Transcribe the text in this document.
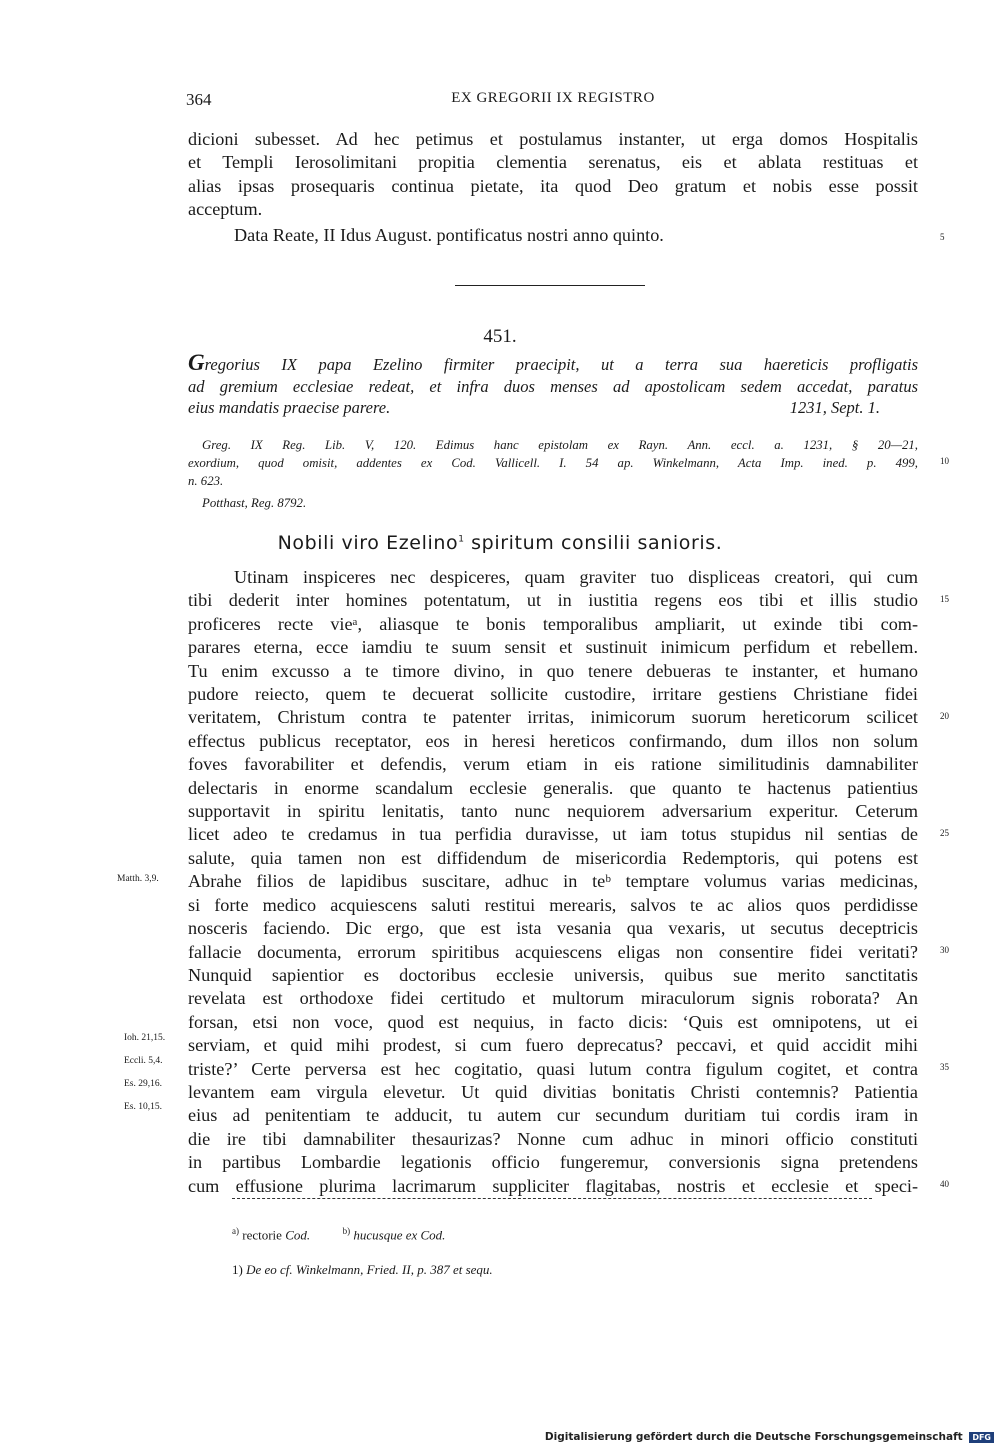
364	EX GREGORII IX REGISTRO
dicioni subesset. Ad hec petimus et postulamus instanter, ut erga domos Hospitalis
et Templi Ierosolimitani propitia clementia serenatus, eis et ablata restituas et
alias ipsas prosequaris continua pietate, ita quod Deo gratum et nobis esse possit
acceptum.
Data Reate, II Idus August. pontificatus nostri anno quinto.	5
451.
Gregorius IX papa Ezelino firmiter praecipit, ut a terra sua haereticis profligatis
ad gremium ecclesiae redeat, et infra duos menses ad apostolicam sedem accedat, paratus
eius mandatis praecise parere.	1231, Sept. 1.
Greg. IX Reg. Lib. V, 120. Edimus hanc epistolam ex Rayn. Ann. eccl. a. 1231, § 20—21,
exordium, quod omisit, addentes ex Cod. Vallicell. I. 54 ap. Winkelmann, Acta Imp. ined. p. 499,
n. 623.
Potthast, Reg. 8792.
10
Nobili viro Ezelino$^1$ spiritum consilii sanioris.
Utinam inspiceres nec despiceres, quam graviter tuo displiceas creatori, qui cum
tibi dederit inter homines potentatum, ut in iustitia regens eos tibi et illis studio
proficeres recte vieᵃ, aliasque te bonis temporalibus ampliarit, ut exinde tibi com-
parares eterna, ecce iamdiu te suum sensit et sustinuit inimicum perfidum et rebellem.
Tu enim excusso a te timore divino, in quo tenere debueras te instanter, et humano
pudore reiecto, quem te decuerat sollicite custodire, irritare gestiens Christiane fidei
veritatem, Christum contra te patenter irritas, inimicorum suorum hereticorum scilicet
effectus publicus receptator, eos in heresi hereticos confirmando, dum illos non solum
foves favorabiliter et defendis, verum etiam in eis ratione similitudinis damnabiliter
delectaris in enorme scandalum ecclesie generalis. que quanto te hactenus patientius
supportavit in spiritu lenitatis, tanto nunc nequiorem adversarium experitur. Ceterum
licet adeo te credamus in tua perfidia duravisse, ut iam totus stupidus nil sentias de
salute, quia tamen non est diffidendum de misericordia Redemptoris, qui potens est
Abrahe filios de lapidibus suscitare, adhuc in teᵇ temptare volumus varias medicinas,
si forte medico acquiescens saluti restitui merearis, salvos te ac alios quos perdidisse
nosceris faciendo. Dic ergo, que est ista vesania qua vexaris, ut secutus deceptricis
fallacie documenta, errorum spiritibus acquiescens eligas non consentire fidei veritati?
Nunquid sapientior es doctoribus ecclesie universis, quibus sue merito sanctitatis
revelata est orthodoxe fidei certitudo et multorum miraculorum signis roborata? An
forsan, etsi non voce, quod est nequius, in facto dicis: ‘Quis est omnipotens, ut ei
serviam, et quid mihi prodest, si cum fuero deprecatus? peccavi, et quid accidit mihi
triste?’ Certe perversa est hec cogitatio, quasi lutum contra figulum cogitet, et contra
levantem eam virgula elevetur. Ut quid divitias bonitatis Christi contemnis? Patientia
eius ad penitentiam te adducit, tu autem cur secundum duritiam tui cordis iram in
die ire tibi damnabiliter thesaurizas? Nonne cum adhuc in minori officio constituti
in partibus Lombardie legationis officio fungeremur, conversionis signa pretendens
cum effusione plurima lacrimarum suppliciter flagitabas, nostris et ecclesie et speci-
15
20
25
30
35
40
Matth. 3,9.
Ioh. 21,15.
Eccli. 5,4.
Es. 29,16.
Es. 10,15.
$^{a)}$ rectorie Cod.	$^{b)}$ hucusque ex Cod.
1) De eo cf. Winkelmann, Fried. II, p. 387 et sequ.
Digitalisierung gefördert durch die Deutsche Forschungsgemeinschaft DFG
